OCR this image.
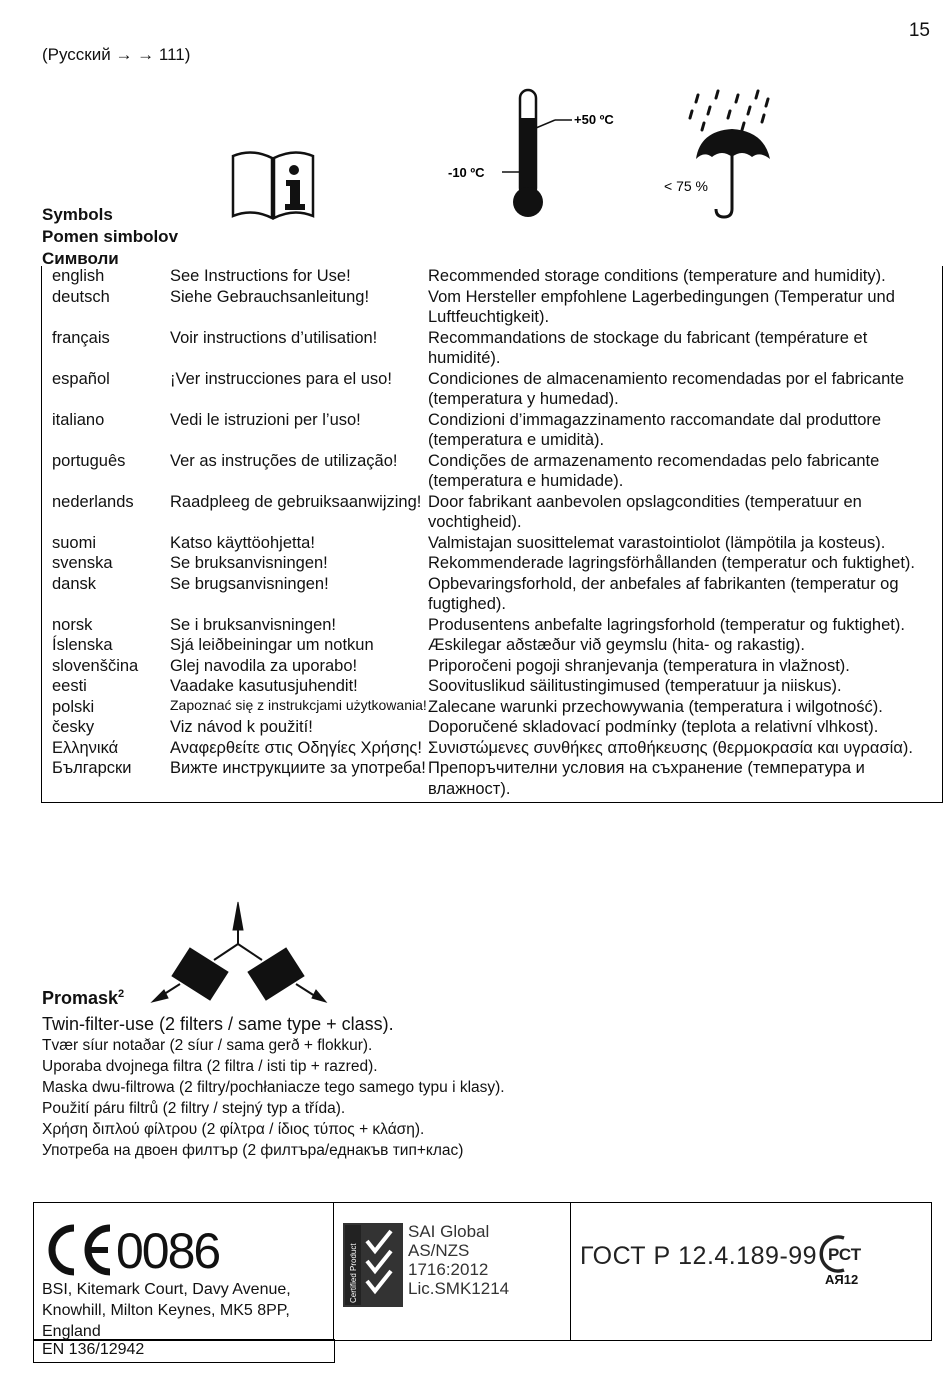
15
(Русский → → 111)
+50 ºC
-10 ºC
< 75 %
Symbols
Pomen simbolov
Символи
english	See Instructions for Use!	Recommended storage conditions (temperature and humidity).
deutsch	Siehe Gebrauchsanleitung!	Vom Hersteller empfohlene Lagerbedingungen (Temperatur und Luftfeuchtigkeit).
français	Voir instructions d’utilisation!	Recommandations de stockage du fabricant (température et humidité).
español	¡Ver instrucciones para el uso!	Condiciones de almacenamiento recomendadas por el fabricante (temperatura y humedad).
italiano	Vedi le istruzioni per l’uso!	Condizioni d’immagazzinamento raccomandate dal produttore (temperatura e umidità).
português	Ver as instruções de utilização!	Condições de armazenamento recomendadas pelo fabricante (temperatura e humidade).
nederlands	Raadpleeg de gebruiksaanwijzing!	Door fabrikant aanbevolen opslagcondities (temperatuur en vochtigheid).
suomi	Katso käyttöohjetta!	Valmistajan suosittelemat varastointiolot (lämpötila ja kosteus).
svenska	Se bruksanvisningen!	Rekommenderade lagringsförhållanden (temperatur och fuktighet).
dansk	Se brugsanvisningen!	Opbevaringsforhold, der anbefales af fabrikanten (temperatur og fugtighed).
norsk	Se i bruksanvisningen!	Produsentens anbefalte lagringsforhold (temperatur og fuktighet).
Íslenska	Sjá leiðbeiningar um notkun	Æskilegar aðstæður við geymslu (hita- og rakastig).
slovenščina	Glej navodila za uporabo!	Priporočeni pogoji shranjevanja (temperatura in vlažnost).
eesti	Vaadake kasutusjuhendit!	Soovituslikud säilitustingimused (temperatuur ja niiskus).
polski	Zapoznać się z instrukcjami użytkowania!	Zalecane warunki przechowywania (temperatura i wilgotność).
česky	Viz návod k použití!	Doporučené skladovací podmínky (teplota a relativní vlhkost).
Ελληνικά	Αναφερθείτε στις Οδηγίες Χρήσης!	Συνιστώμενες συνθήκες αποθήκευσης (θερμοκρασία και υγρασία).
Български	Вижте инструкциите за употреба!	Препоръчителни условия на съхранение (температура и влажност).
Promask$^2$
Twin-filter-use (2 filters / same type + class).
Tvær síur notaðar (2 síur / sama gerð + flokkur).
Uporaba dvojnega filtra (2 filtra / isti tip + razred).
Maska dwu-filtrowa (2 filtry/pochłaniacze tego samego typu i klasy).
Použití páru filtrů (2 filtry / stejný typ a třída).
Χρήση διπλού φίλτρου (2 φίλτρα / ίδιος τύπος + κλάση).
Употреба на двоен филтър (2 филтъра/еднакъв тип+клас)
0086
BSI, Kitemark Court, Davy Avenue,
Knowhill, Milton Keynes, MK5 8PP,
England
EN 136/12942
Certified Product
SAI Global
AS/NZS
1716:2012
Lic.SMK1214
ГОСТ Р 12.4.189-99 РСТ
АЯ12
